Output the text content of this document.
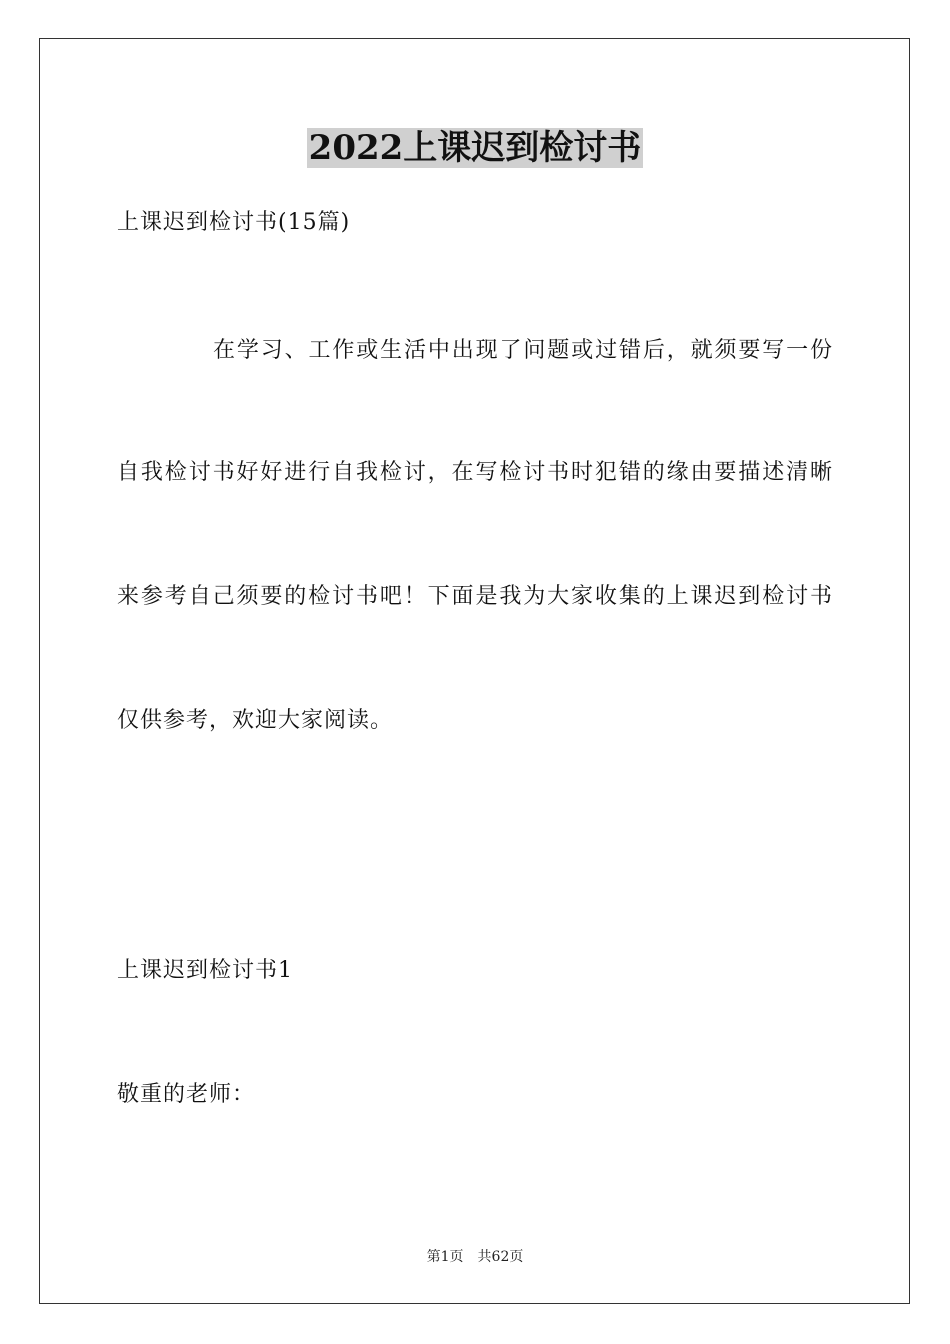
2022上课迟到检讨书
上课迟到检讨书(15篇)
在学习、工作或生活中出现了问题或过错后，就须要写一份
自我检讨书好好进行自我检讨，在写检讨书时犯错的缘由要描述清晰
来参考自己须要的检讨书吧！下面是我为大家收集的上课迟到检讨书
仅供参考，欢迎大家阅读。
上课迟到检讨书1
敬重的老师：
第1页 共62页
